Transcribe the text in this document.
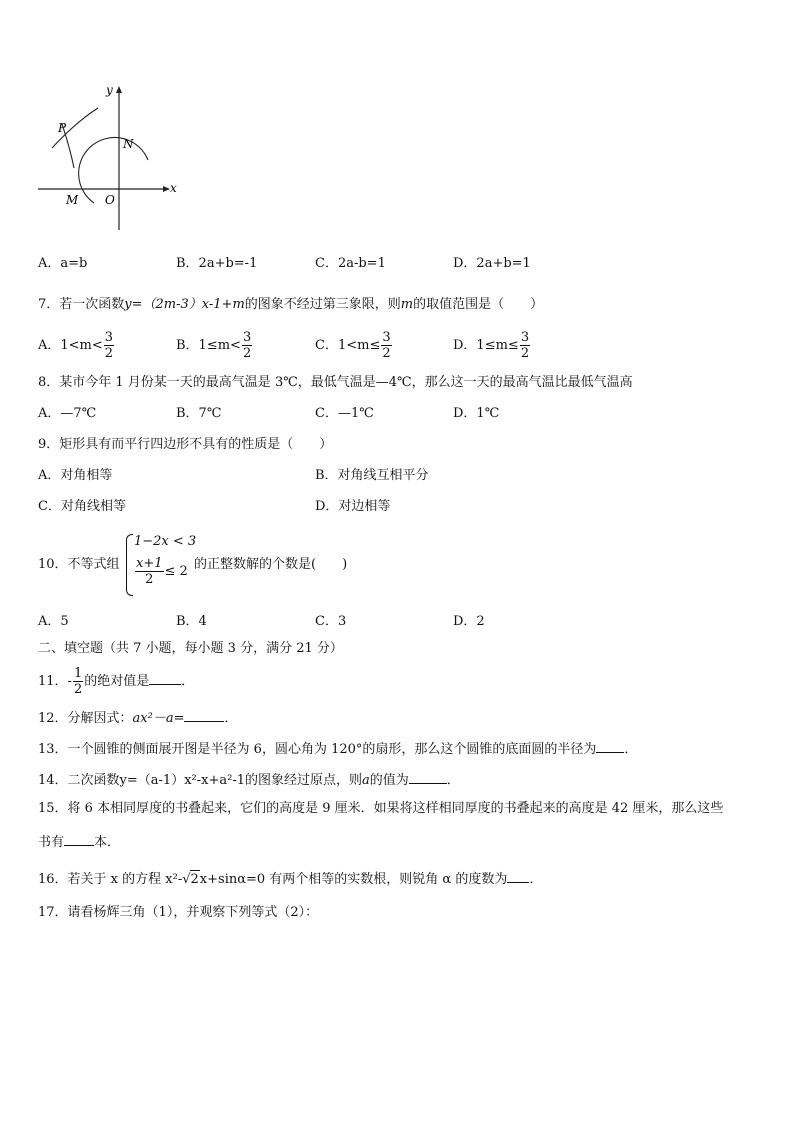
y
x
P
N
M O
A．a=b	B．2a+b=-1	C．2a-b=1	D．2a+b=1
7．若一次函数y=（2m-3）x-1+m的图象不经过第三象限，则m的取值范围是（　　）
A．$1<m< \frac{3}{2}$	B．$1\le m< \frac{3}{2}$	C．$1<m\le \frac{3}{2}$	D．$1\le m\le \frac{3}{2}$
8．某市今年 1 月份某一天的最高气温是 3℃，最低气温是—4℃，那么这一天的最高气温比最低气温高
A．—7℃	B．7℃	C．—1℃	D．1℃
9．矩形具有而平行四边形不具有的性质是（　　）
A．对角相等	B．对角线互相平分
C．对角线相等	D．对边相等
10．不等式组
1−2x < 3
$\frac{x+1}{2} \le 2$ 的正整数解的个数是(　　)
A．5	B．4	C．3	D．2
二、填空题（共 7 小题，每小题 3 分，满分 21 分）
11．- $\frac{1}{2}$ 的绝对值是 ．
12．分解因式：ax²－a=	．
13．一个圆锥的侧面展开图是半径为 6，圆心角为 120°的扇形，那么这个圆锥的底面圆的半径为 ．
14．二次函数y=（a-1）x²-x+a²-1的图象经过原点，则a的值为	．
15．将 6 本相同厚度的书叠起来，它们的高度是 9 厘米．如果将这样相同厚度的书叠起来的高度是 42 厘米，那么这些
书有 本．
16．若关于 x 的方程 x²-√2x+sinα=0 有两个相等的实数根，则锐角 α 的度数为 ．
17．请看杨辉三角（1），并观察下列等式（2）：
